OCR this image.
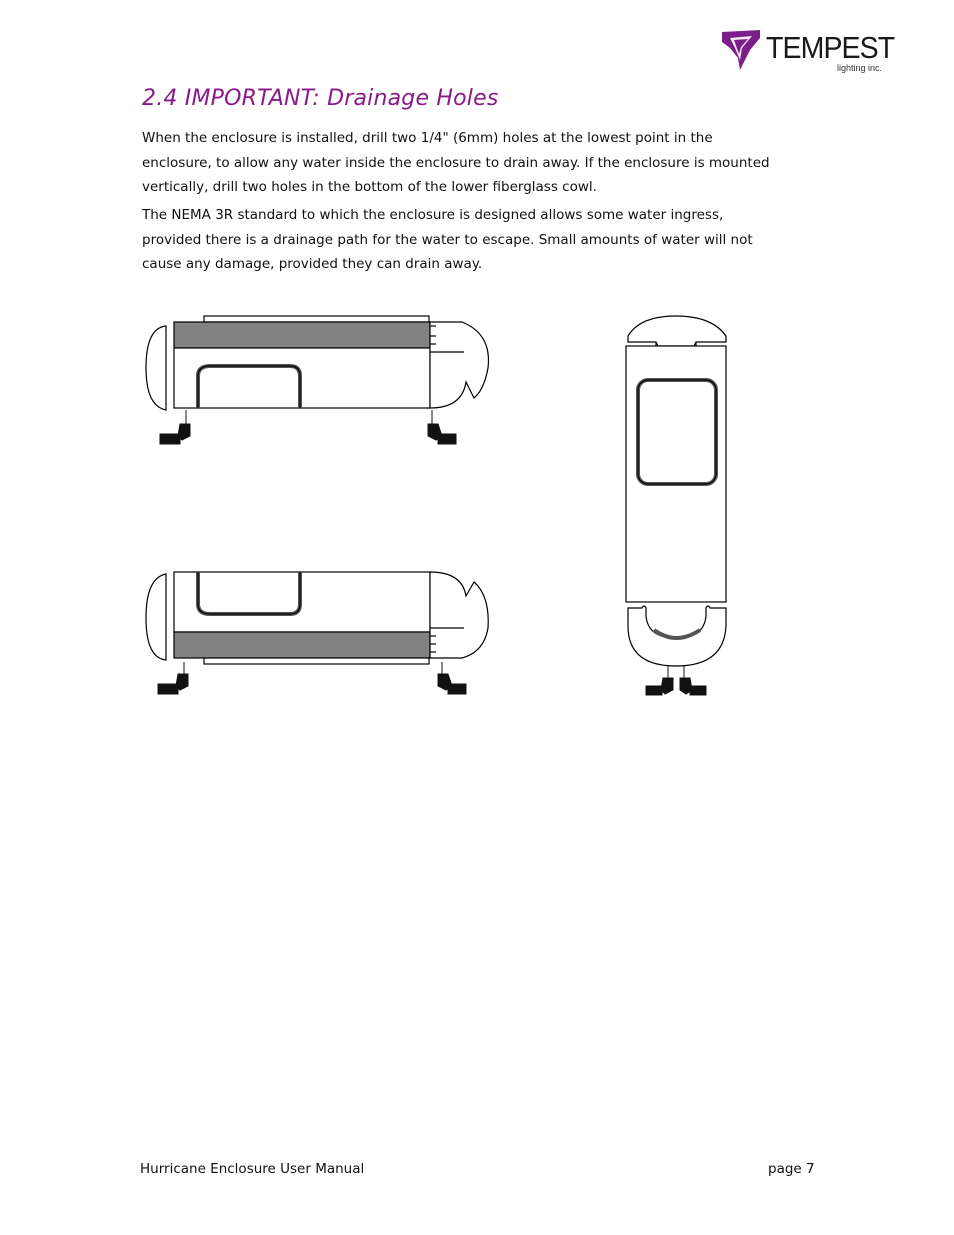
TEMPEST
lighting inc.
2.4 IMPORTANT: Drainage Holes

When the enclosure is installed, drill two 1/4" (6mm) holes at the lowest point in the enclosure, to allow any water inside the enclosure to drain away. If the enclosure is mounted vertically, drill two holes in the bottom of the lower fiberglass cowl.

The NEMA 3R standard to which the enclosure is designed allows some water ingress, provided there is a drainage path for the water to escape. Small amounts of water will not cause any damage, provided they can drain away.

Hurricane Enclosure User Manual	page 7
